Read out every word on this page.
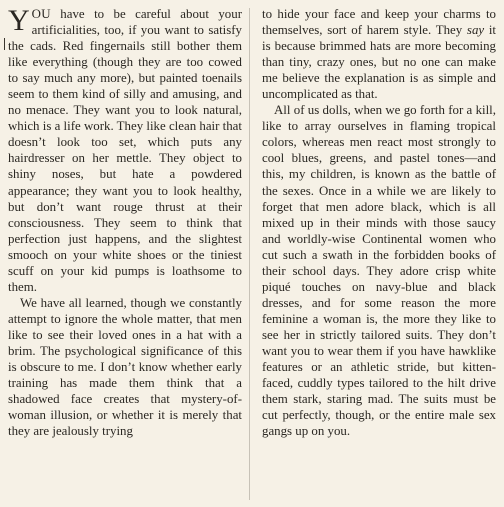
YOU have to be careful about your artificialities, too, if you want to satisfy the cads. Red fingernails still bother them like everything (though they are too cowed to say much any more), but painted toenails seem to them kind of silly and amusing, and no menace. They want you to look natural, which is a life work. They like clean hair that doesn’t look too set, which puts any hairdresser on her mettle. They object to shiny noses, but hate a powdered appearance; they want you to look healthy, but don’t want rouge thrust at their consciousness. They seem to think that perfection just happens, and the slightest smooch on your white shoes or the tiniest scuff on your kid pumps is loathsome to them.

We have all learned, though we constantly attempt to ignore the whole matter, that men like to see their loved ones in a hat with a brim. The psychological significance of this is obscure to me. I don’t know whether early training has made them think that a shadowed face creates that mystery-of-woman illusion, or whether it is merely that they are jealously trying

to hide your face and keep your charms to themselves, sort of harem style. They say it is because brimmed hats are more becoming than tiny, crazy ones, but no one can make me believe the explanation is as simple and uncomplicated as that.

All of us dolls, when we go forth for a kill, like to array ourselves in flaming tropical colors, whereas men react most strongly to cool blues, greens, and pastel tones—and this, my children, is known as the battle of the sexes. Once in a while we are likely to forget that men adore black, which is all mixed up in their minds with those saucy and worldly-wise Continental women who cut such a swath in the forbidden books of their school days. They adore crisp white piqué touches on navy-blue and black dresses, and for some reason the more feminine a woman is, the more they like to see her in strictly tailored suits. They don’t want you to wear them if you have hawklike features or an athletic stride, but kitten-faced, cuddly types tailored to the hilt drive them stark, staring mad. The suits must be cut perfectly, though, or the entire male sex gangs up on you.
